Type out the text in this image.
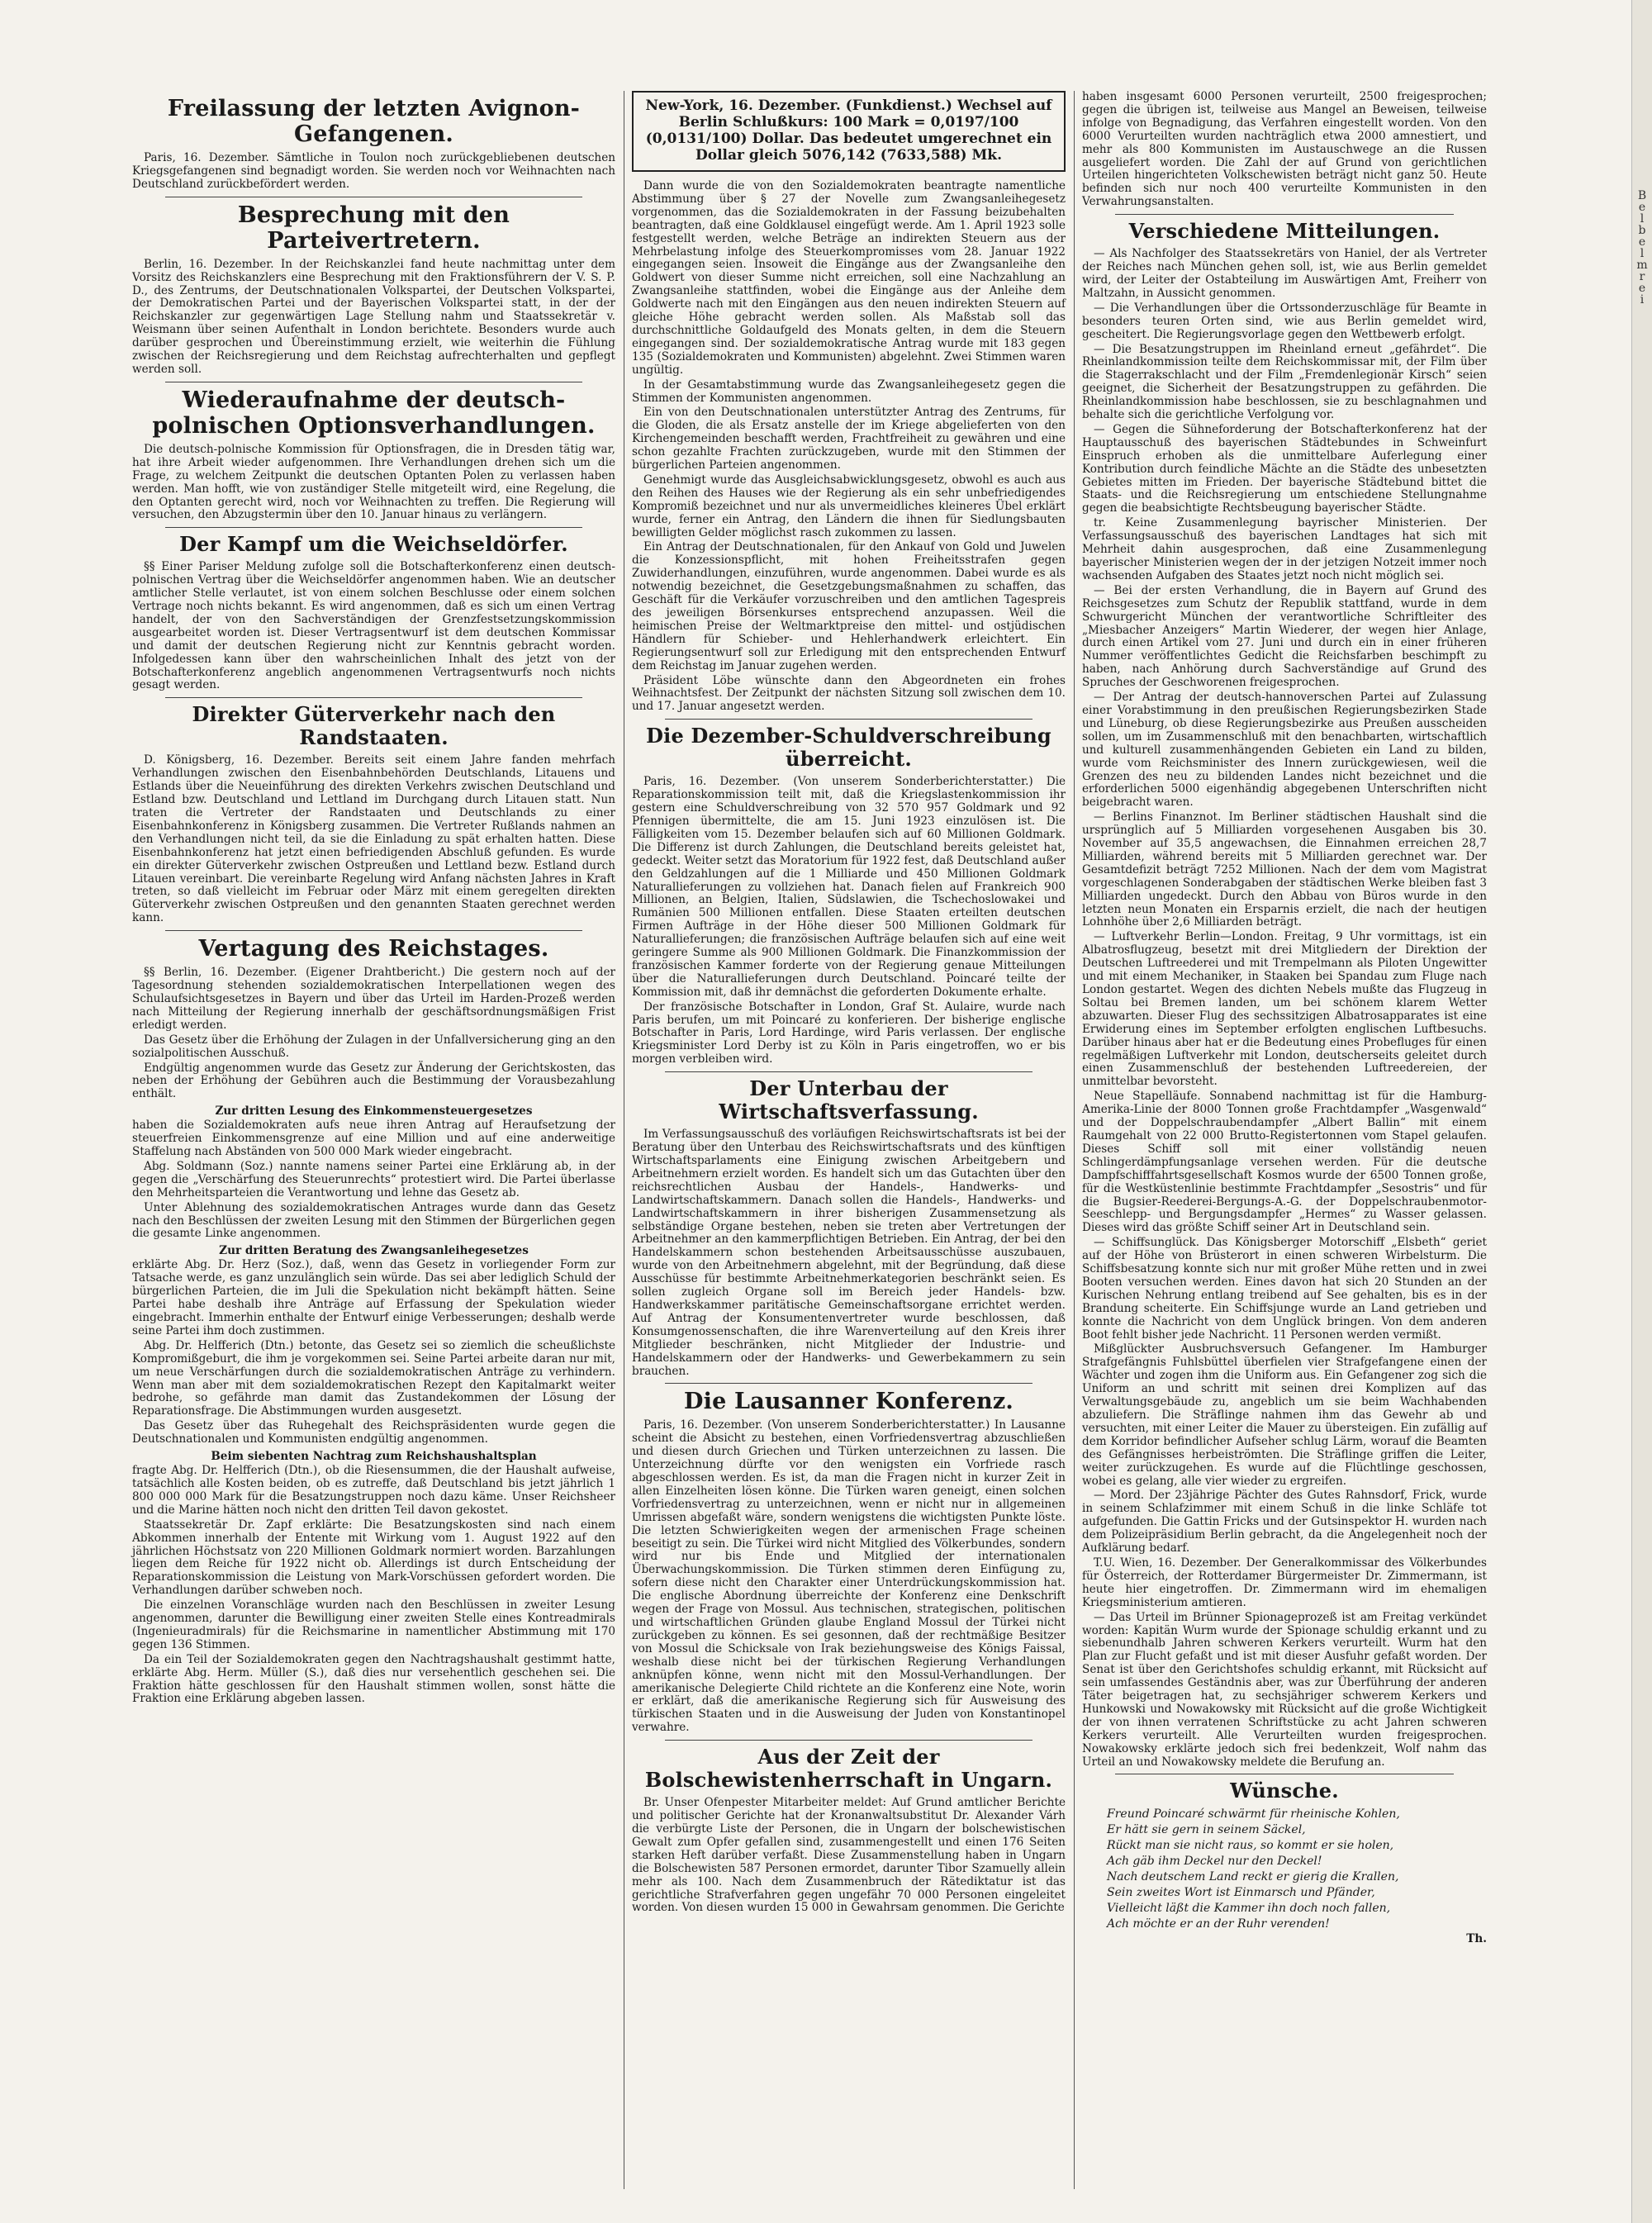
B
e
l
b
e
l
m
r
e
i
Freilassung der letzten Avignon-Gefangenen.

Paris, 16. Dezember. Sämtliche in Toulon noch zurückgebliebenen deutschen Kriegsgefangenen sind begnadigt worden. Sie werden noch vor Weihnachten nach Deutschland zurückbefördert werden.

Besprechung mit den Parteivertretern.

Berlin, 16. Dezember. In der Reichskanzlei fand heute nachmittag unter dem Vorsitz des Reichskanzlers eine Besprechung mit den Fraktionsführern der V. S. P. D., des Zentrums, der Deutschnationalen Volkspartei, der Deutschen Volkspartei, der Demokratischen Partei und der Bayerischen Volkspartei statt, in der der Reichskanzler zur gegenwärtigen Lage Stellung nahm und Staatssekretär v. Weismann über seinen Aufenthalt in London berichtete. Besonders wurde auch darüber gesprochen und Übereinstimmung erzielt, wie weiterhin die Fühlung zwischen der Reichsregierung und dem Reichstag aufrechterhalten und gepflegt werden soll.

Wiederaufnahme der deutsch-polnischen Optionsverhandlungen.

Die deutsch-polnische Kommission für Optionsfragen, die in Dresden tätig war, hat ihre Arbeit wieder aufgenommen. Ihre Verhandlungen drehen sich um die Frage, zu welchem Zeitpunkt die deutschen Optanten Polen zu verlassen haben werden. Man hofft, wie von zuständiger Stelle mitgeteilt wird, eine Regelung, die den Optanten gerecht wird, noch vor Weihnachten zu treffen. Die Regierung will versuchen, den Abzugstermin über den 10. Januar hinaus zu verlängern.

Der Kampf um die Weichseldörfer.

§§ Einer Pariser Meldung zufolge soll die Botschafterkonferenz einen deutsch-polnischen Vertrag über die Weichseldörfer angenommen haben. Wie an deutscher amtlicher Stelle verlautet, ist von einem solchen Beschlusse oder einem solchen Vertrage noch nichts bekannt. Es wird angenommen, daß es sich um einen Vertrag handelt, der von den Sachverständigen der Grenzfestsetzungskommission ausgearbeitet worden ist. Dieser Vertragsentwurf ist dem deutschen Kommissar und damit der deutschen Regierung nicht zur Kenntnis gebracht worden. Infolgedessen kann über den wahrscheinlichen Inhalt des jetzt von der Botschafterkonferenz angeblich angenommenen Vertragsentwurfs noch nichts gesagt werden.

Direkter Güterverkehr nach den Randstaaten.

D. Königsberg, 16. Dezember. Bereits seit einem Jahre fanden mehrfach Verhandlungen zwischen den Eisenbahnbehörden Deutschlands, Litauens und Estlands über die Neueinführung des direkten Verkehrs zwischen Deutschland und Estland bzw. Deutschland und Lettland im Durchgang durch Litauen statt. Nun traten die Vertreter der Randstaaten und Deutschlands zu einer Eisenbahnkonferenz in Königsberg zusammen. Die Vertreter Rußlands nahmen an den Verhandlungen nicht teil, da sie die Einladung zu spät erhalten hatten. Diese Eisenbahnkonferenz hat jetzt einen befriedigenden Abschluß gefunden. Es wurde ein direkter Güterverkehr zwischen Ostpreußen und Lettland bezw. Estland durch Litauen vereinbart. Die vereinbarte Regelung wird Anfang nächsten Jahres in Kraft treten, so daß vielleicht im Februar oder März mit einem geregelten direkten Güterverkehr zwischen Ostpreußen und den genannten Staaten gerechnet werden kann.

Vertagung des Reichstages.

§§ Berlin, 16. Dezember. (Eigener Drahtbericht.) Die gestern noch auf der Tagesordnung stehenden sozialdemokratischen Interpellationen wegen des Schulaufsichtsgesetzes in Bayern und über das Urteil im Harden-Prozeß werden nach Mitteilung der Regierung innerhalb der geschäftsordnungsmäßigen Frist erledigt werden.

Das Gesetz über die Erhöhung der Zulagen in der Unfallversicherung ging an den sozialpolitischen Ausschuß.

Endgültig angenommen wurde das Gesetz zur Änderung der Gerichtskosten, das neben der Erhöhung der Gebühren auch die Bestimmung der Vorausbezahlung enthält.

Zur dritten Lesung des Einkommensteuergesetzes

haben die Sozialdemokraten aufs neue ihren Antrag auf Heraufsetzung der steuerfreien Einkommensgrenze auf eine Million und auf eine anderweitige Staffelung nach Abständen von 500 000 Mark wieder eingebracht.

Abg. Soldmann (Soz.) nannte namens seiner Partei eine Erklärung ab, in der gegen die „Verschärfung des Steuerunrechts“ protestiert wird. Die Partei überlasse den Mehrheitsparteien die Verantwortung und lehne das Gesetz ab.

Unter Ablehnung des sozialdemokratischen Antrages wurde dann das Gesetz nach den Beschlüssen der zweiten Lesung mit den Stimmen der Bürgerlichen gegen die gesamte Linke angenommen.

Zur dritten Beratung des Zwangsanleihegesetzes

erklärte Abg. Dr. Herz (Soz.), daß, wenn das Gesetz in vorliegender Form zur Tatsache werde, es ganz unzulänglich sein würde. Das sei aber lediglich Schuld der bürgerlichen Parteien, die im Juli die Spekulation nicht bekämpft hätten. Seine Partei habe deshalb ihre Anträge auf Erfassung der Spekulation wieder eingebracht. Immerhin enthalte der Entwurf einige Verbesserungen; deshalb werde seine Partei ihm doch zustimmen.

Abg. Dr. Helfferich (Dtn.) betonte, das Gesetz sei so ziemlich die scheußlichste Kompromißgeburt, die ihm je vorgekommen sei. Seine Partei arbeite daran nur mit, um neue Verschärfungen durch die sozialdemokratischen Anträge zu verhindern. Wenn man aber mit dem sozialdemokratischen Rezept den Kapitalmarkt weiter bedrohe, so gefährde man damit das Zustandekommen der Lösung der Reparationsfrage. Die Abstimmungen wurden ausgesetzt.

Das Gesetz über das Ruhegehalt des Reichspräsidenten wurde gegen die Deutschnationalen und Kommunisten endgültig angenommen.

Beim siebenten Nachtrag zum Reichshaushaltsplan

fragte Abg. Dr. Helfferich (Dtn.), ob die Riesensummen, die der Haushalt aufweise, tatsächlich alle Kosten beiden, ob es zutreffe, daß Deutschland bis jetzt jährlich 1 800 000 000 Mark für die Besatzungstruppen noch dazu käme. Unser Reichsheer und die Marine hätten noch nicht den dritten Teil davon gekostet.

Staatssekretär Dr. Zapf erklärte: Die Besatzungskosten sind nach einem Abkommen innerhalb der Entente mit Wirkung vom 1. August 1922 auf den jährlichen Höchstsatz von 220 Millionen Goldmark normiert worden. Barzahlungen liegen dem Reiche für 1922 nicht ob. Allerdings ist durch Entscheidung der Reparationskommission die Leistung von Mark-Vorschüssen gefordert worden. Die Verhandlungen darüber schweben noch.

Die einzelnen Voranschläge wurden nach den Beschlüssen in zweiter Lesung angenommen, darunter die Bewilligung einer zweiten Stelle eines Kontreadmirals (Ingenieuradmirals) für die Reichsmarine in namentlicher Abstimmung mit 170 gegen 136 Stimmen.

Da ein Teil der Sozialdemokraten gegen den Nachtragshaushalt gestimmt hatte, erklärte Abg. Herm. Müller (S.), daß dies nur versehentlich geschehen sei. Die Fraktion hätte geschlossen für den Haushalt stimmen wollen, sonst hätte die Fraktion eine Erklärung abgeben lassen.

New-York, 16. Dezember. (Funkdienst.) Wechsel auf Berlin Schlußkurs: 100 Mark = 0,0197/100 (0,0131/100) Dollar. Das bedeutet umgerechnet ein Dollar gleich 5076,142 (7633,588) Mk.

Dann wurde die von den Sozialdemokraten beantragte namentliche Abstimmung über § 27 der Novelle zum Zwangsanleihegesetz vorgenommen, das die Sozialdemokraten in der Fassung beizubehalten beantragten, daß eine Goldklausel eingefügt werde. Am 1. April 1923 solle festgestellt werden, welche Beträge an indirekten Steuern aus der Mehrbelastung infolge des Steuerkompromisses vom 28. Januar 1922 eingegangen seien. Insoweit die Eingänge aus der Zwangsanleihe den Goldwert von dieser Summe nicht erreichen, soll eine Nachzahlung an Zwangsanleihe stattfinden, wobei die Eingänge aus der Anleihe dem Goldwerte nach mit den Eingängen aus den neuen indirekten Steuern auf gleiche Höhe gebracht werden sollen. Als Maßstab soll das durchschnittliche Goldaufgeld des Monats gelten, in dem die Steuern eingegangen sind. Der sozialdemokratische Antrag wurde mit 183 gegen 135 (Sozialdemokraten und Kommunisten) abgelehnt. Zwei Stimmen waren ungültig.

In der Gesamtabstimmung wurde das Zwangsanleihegesetz gegen die Stimmen der Kommunisten angenommen.

Ein von den Deutschnationalen unterstützter Antrag des Zentrums, für die Gloden, die als Ersatz anstelle der im Kriege abgelieferten von den Kirchengemeinden beschafft werden, Frachtfreiheit zu gewähren und eine schon gezahlte Frachten zurückzugeben, wurde mit den Stimmen der bürgerlichen Parteien angenommen.

Genehmigt wurde das Ausgleichsabwicklungsgesetz, obwohl es auch aus den Reihen des Hauses wie der Regierung als ein sehr unbefriedigendes Kompromiß bezeichnet und nur als unvermeidliches kleineres Übel erklärt wurde, ferner ein Antrag, den Ländern die ihnen für Siedlungsbauten bewilligten Gelder möglichst rasch zukommen zu lassen.

Ein Antrag der Deutschnationalen, für den Ankauf von Gold und Juwelen die Konzessionspflicht, mit hohen Freiheitsstrafen gegen Zuwiderhandlungen, einzuführen, wurde angenommen. Dabei wurde es als notwendig bezeichnet, die Gesetzgebungsmaßnahmen zu schaffen, das Geschäft für die Verkäufer vorzuschreiben und den amtlichen Tagespreis des jeweiligen Börsenkurses entsprechend anzupassen. Weil die heimischen Preise der Weltmarktpreise den mittel- und ostjüdischen Händlern für Schieber- und Hehlerhandwerk erleichtert. Ein Regierungsentwurf soll zur Erledigung mit den entsprechenden Entwurf dem Reichstag im Januar zugehen werden.

Präsident Löbe wünschte dann den Abgeordneten ein frohes Weihnachtsfest. Der Zeitpunkt der nächsten Sitzung soll zwischen dem 10. und 17. Januar angesetzt werden.

Die Dezember-Schuldverschreibung überreicht.

Paris, 16. Dezember. (Von unserem Sonderberichterstatter.) Die Reparationskommission teilt mit, daß die Kriegslastenkommission ihr gestern eine Schuldverschreibung von 32 570 957 Goldmark und 92 Pfennigen übermittelte, die am 15. Juni 1923 einzulösen ist. Die Fälligkeiten vom 15. Dezember belaufen sich auf 60 Millionen Goldmark. Die Differenz ist durch Zahlungen, die Deutschland bereits geleistet hat, gedeckt. Weiter setzt das Moratorium für 1922 fest, daß Deutschland außer den Geldzahlungen auf die 1 Milliarde und 450 Millionen Goldmark Naturallieferungen zu vollziehen hat. Danach fielen auf Frankreich 900 Millionen, an Belgien, Italien, Südslawien, die Tschechoslowakei und Rumänien 500 Millionen entfallen. Diese Staaten erteilten deutschen Firmen Aufträge in der Höhe dieser 500 Millionen Goldmark für Naturallieferungen; die französischen Aufträge belaufen sich auf eine weit geringere Summe als 900 Millionen Goldmark. Die Finanzkommission der französischen Kammer forderte von der Regierung genaue Mitteilungen über die Naturallieferungen durch Deutschland. Poincaré teilte der Kommission mit, daß ihr demnächst die geforderten Dokumente erhalte.

Der französische Botschafter in London, Graf St. Aulaire, wurde nach Paris berufen, um mit Poincaré zu konferieren. Der bisherige englische Botschafter in Paris, Lord Hardinge, wird Paris verlassen. Der englische Kriegsminister Lord Derby ist zu Köln in Paris eingetroffen, wo er bis morgen verbleiben wird.

Der Unterbau der Wirtschaftsverfassung.

Im Verfassungsausschuß des vorläufigen Reichswirtschaftsrats ist bei der Beratung über den Unterbau des Reichswirtschaftsrats und des künftigen Wirtschaftsparlaments eine Einigung zwischen Arbeitgebern und Arbeitnehmern erzielt worden. Es handelt sich um das Gutachten über den reichsrechtlichen Ausbau der Handels-, Handwerks- und Landwirtschaftskammern. Danach sollen die Handels-, Handwerks- und Landwirtschaftskammern in ihrer bisherigen Zusammensetzung als selbständige Organe bestehen, neben sie treten aber Vertretungen der Arbeitnehmer an den kammerpflichtigen Betrieben. Ein Antrag, der bei den Handelskammern schon bestehenden Arbeitsausschüsse auszubauen, wurde von den Arbeitnehmern abgelehnt, mit der Begründung, daß diese Ausschüsse für bestimmte Arbeitnehmerkategorien beschränkt seien. Es sollen zugleich Organe soll im Bereich jeder Handels- bzw. Handwerkskammer paritätische Gemeinschaftsorgane errichtet werden. Auf Antrag der Konsumentenvertreter wurde beschlossen, daß Konsumgenossenschaften, die ihre Warenverteilung auf den Kreis ihrer Mitglieder beschränken, nicht Mitglieder der Industrie- und Handelskammern oder der Handwerks- und Gewerbekammern zu sein brauchen.

Die Lausanner Konferenz.

Paris, 16. Dezember. (Von unserem Sonderberichterstatter.) In Lausanne scheint die Absicht zu bestehen, einen Vorfriedensvertrag abzuschließen und diesen durch Griechen und Türken unterzeichnen zu lassen. Die Unterzeichnung dürfte vor den wenigsten ein Vorfriede rasch abgeschlossen werden. Es ist, da man die Fragen nicht in kurzer Zeit in allen Einzelheiten lösen könne. Die Türken waren geneigt, einen solchen Vorfriedensvertrag zu unterzeichnen, wenn er nicht nur in allgemeinen Umrissen abgefaßt wäre, sondern wenigstens die wichtigsten Punkte löste. Die letzten Schwierigkeiten wegen der armenischen Frage scheinen beseitigt zu sein. Die Türkei wird nicht Mitglied des Völkerbundes, sondern wird nur bis Ende und Mitglied der internationalen Überwachungskommission. Die Türken stimmen deren Einfügung zu, sofern diese nicht den Charakter einer Unterdrückungskommission hat. Die englische Abordnung überreichte der Konferenz eine Denkschrift wegen der Frage von Mossul. Aus technischen, strategischen, politischen und wirtschaftlichen Gründen glaube England Mossul der Türkei nicht zurückgeben zu können. Es sei gesonnen, daß der rechtmäßige Besitzer von Mossul die Schicksale von Irak beziehungsweise des Königs Faissal, weshalb diese nicht bei der türkischen Regierung Verhandlungen anknüpfen könne, wenn nicht mit den Mossul-Verhandlungen. Der amerikanische Delegierte Child richtete an die Konferenz eine Note, worin er erklärt, daß die amerikanische Regierung sich für Ausweisung des türkischen Staaten und in die Ausweisung der Juden von Konstantinopel verwahre.

Aus der Zeit der Bolschewistenherrschaft in Ungarn.

Br. Unser Ofenpester Mitarbeiter meldet: Auf Grund amtlicher Berichte und politischer Gerichte hat der Kronanwaltsubstitut Dr. Alexander Várh die verbürgte Liste der Personen, die in Ungarn der bolschewistischen Gewalt zum Opfer gefallen sind, zusammengestellt und einen 176 Seiten starken Heft darüber verfaßt. Diese Zusammenstellung haben in Ungarn die Bolschewisten 587 Personen ermordet, darunter Tibor Szamuelly allein mehr als 100. Nach dem Zusammenbruch der Rätediktatur ist das gerichtliche Strafverfahren gegen ungefähr 70 000 Personen eingeleitet worden. Von diesen wurden 15 000 in Gewahrsam genommen. Die Gerichte

haben insgesamt 6000 Personen verurteilt, 2500 freigesprochen; gegen die übrigen ist, teilweise aus Mangel an Beweisen, teilweise infolge von Begnadigung, das Verfahren eingestellt worden. Von den 6000 Verurteilten wurden nachträglich etwa 2000 amnestiert, und mehr als 800 Kommunisten im Austauschwege an die Russen ausgeliefert worden. Die Zahl der auf Grund von gerichtlichen Urteilen hingerichteten Volkschewisten beträgt nicht ganz 50. Heute befinden sich nur noch 400 verurteilte Kommunisten in den Verwahrungsanstalten.

Verschiedene Mitteilungen.

— Als Nachfolger des Staatssekretärs von Haniel, der als Vertreter der Reiches nach München gehen soll, ist, wie aus Berlin gemeldet wird, der Leiter der Ostabteilung im Auswärtigen Amt, Freiherr von Maltzahn, in Aussicht genommen.

— Die Verhandlungen über die Ortssonderzuschläge für Beamte in besonders teuren Orten sind, wie aus Berlin gemeldet wird, gescheitert. Die Regierungsvorlage gegen den Wettbewerb erfolgt.

— Die Besatzungstruppen im Rheinland erneut „gefährdet“. Die Rheinlandkommission teilte dem Reichskommissar mit, der Film über die Stagerrakschlacht und der Film „Fremdenlegionär Kirsch“ seien geeignet, die Sicherheit der Besatzungstruppen zu gefährden. Die Rheinlandkommission habe beschlossen, sie zu beschlagnahmen und behalte sich die gerichtliche Verfolgung vor.

— Gegen die Sühneforderung der Botschafterkonferenz hat der Hauptausschuß des bayerischen Städtebundes in Schweinfurt Einspruch erhoben als die unmittelbare Auferlegung einer Kontribution durch feindliche Mächte an die Städte des unbesetzten Gebietes mitten im Frieden. Der bayerische Städtebund bittet die Staats- und die Reichsregierung um entschiedene Stellungnahme gegen die beabsichtigte Rechtsbeugung bayerischer Städte.

tr. Keine Zusammenlegung bayrischer Ministerien. Der Verfassungsausschuß des bayerischen Landtages hat sich mit Mehrheit dahin ausgesprochen, daß eine Zusammenlegung bayerischer Ministerien wegen der in der jetzigen Notzeit immer noch wachsenden Aufgaben des Staates jetzt noch nicht möglich sei.

— Bei der ersten Verhandlung, die in Bayern auf Grund des Reichsgesetzes zum Schutz der Republik stattfand, wurde in dem Schwurgericht München der verantwortliche Schriftleiter des „Miesbacher Anzeigers“ Martin Wiederer, der wegen hier Anlage, durch einen Artikel vom 27. Juni und durch ein in einer früheren Nummer veröffentlichtes Gedicht die Reichsfarben beschimpft zu haben, nach Anhörung durch Sachverständige auf Grund des Spruches der Geschworenen freigesprochen.

— Der Antrag der deutsch-hannoverschen Partei auf Zulassung einer Vorabstimmung in den preußischen Regierungsbezirken Stade und Lüneburg, ob diese Regierungsbezirke aus Preußen ausscheiden sollen, um im Zusammenschluß mit den benachbarten, wirtschaftlich und kulturell zusammenhängenden Gebieten ein Land zu bilden, wurde vom Reichsminister des Innern zurückgewiesen, weil die Grenzen des neu zu bildenden Landes nicht bezeichnet und die erforderlichen 5000 eigenhändig abgegebenen Unterschriften nicht beigebracht waren.

— Berlins Finanznot. Im Berliner städtischen Haushalt sind die ursprünglich auf 5 Milliarden vorgesehenen Ausgaben bis 30. November auf 35,5 angewachsen, die Einnahmen erreichen 28,7 Milliarden, während bereits mit 5 Milliarden gerechnet war. Der Gesamtdefizit beträgt 7252 Millionen. Nach der dem vom Magistrat vorgeschlagenen Sonderabgaben der städtischen Werke bleiben fast 3 Milliarden ungedeckt. Durch den Abbau von Büros wurde in den letzten neun Monaten ein Ersparnis erzielt, die nach der heutigen Lohnhöhe über 2,6 Milliarden beträgt.

— Luftverkehr Berlin—London. Freitag, 9 Uhr vormittags, ist ein Albatrosflugzeug, besetzt mit drei Mitgliedern der Direktion der Deutschen Luftreederei und mit Trempelmann als Piloten Ungewitter und mit einem Mechaniker, in Staaken bei Spandau zum Fluge nach London gestartet. Wegen des dichten Nebels mußte das Flugzeug in Soltau bei Bremen landen, um bei schönem klarem Wetter abzuwarten. Dieser Flug des sechssitzigen Albatrosapparates ist eine Erwiderung eines im September erfolgten englischen Luftbesuchs. Darüber hinaus aber hat er die Bedeutung eines Probefluges für einen regelmäßigen Luftverkehr mit London, deutscherseits geleitet durch einen Zusammenschluß der bestehenden Luftreedereien, der unmittelbar bevorsteht.

Neue Stapelläufe. Sonnabend nachmittag ist für die Hamburg-Amerika-Linie der 8000 Tonnen große Frachtdampfer „Wasgenwald“ und der Doppelschraubendampfer „Albert Ballin“ mit einem Raumgehalt von 22 000 Brutto-Registertonnen vom Stapel gelaufen. Dieses Schiff soll mit einer vollständig neuen Schlingerdämpfungsanlage versehen werden. Für die deutsche Dampfschifffahrtsgesellschaft Kosmos wurde der 6500 Tonnen große, für die Westküstenlinie bestimmte Frachtdampfer „Sesostris“ und für die Bugsier-Reederei-Bergungs-A.-G. der Doppelschraubenmotor-Seeschlepp- und Bergungsdampfer „Hermes“ zu Wasser gelassen. Dieses wird das größte Schiff seiner Art in Deutschland sein.

— Schiffsunglück. Das Königsberger Motorschiff „Elsbeth“ geriet auf der Höhe von Brüsterort in einen schweren Wirbelsturm. Die Schiffsbesatzung konnte sich nur mit großer Mühe retten und in zwei Booten versuchen werden. Eines davon hat sich 20 Stunden an der Kurischen Nehrung entlang treibend auf See gehalten, bis es in der Brandung scheiterte. Ein Schiffsjunge wurde an Land getrieben und konnte die Nachricht von dem Unglück bringen. Von dem anderen Boot fehlt bisher jede Nachricht. 11 Personen werden vermißt.

Mißglückter Ausbruchsversuch Gefangener. Im Hamburger Strafgefängnis Fuhlsbüttel überfielen vier Strafgefangene einen der Wächter und zogen ihm die Uniform aus. Ein Gefangener zog sich die Uniform an und schritt mit seinen drei Komplizen auf das Verwaltungsgebäude zu, angeblich um sie beim Wachhabenden abzuliefern. Die Sträflinge nahmen ihm das Gewehr ab und versuchten, mit einer Leiter die Mauer zu übersteigen. Ein zufällig auf dem Korridor befindlicher Aufseher schlug Lärm, worauf die Beamten des Gefängnisses herbeiströmten. Die Sträflinge griffen die Leiter, weiter zurückzugehen. Es wurde auf die Flüchtlinge geschossen, wobei es gelang, alle vier wieder zu ergreifen.

— Mord. Der 23jährige Pächter des Gutes Rahnsdorf, Frick, wurde in seinem Schlafzimmer mit einem Schuß in die linke Schläfe tot aufgefunden. Die Gattin Fricks und der Gutsinspektor H. wurden nach dem Polizeipräsidium Berlin gebracht, da die Angelegenheit noch der Aufklärung bedarf.

T.U. Wien, 16. Dezember. Der Generalkommissar des Völkerbundes für Österreich, der Rotterdamer Bürgermeister Dr. Zimmermann, ist heute hier eingetroffen. Dr. Zimmermann wird im ehemaligen Kriegsministerium amtieren.

— Das Urteil im Brünner Spionageprozeß ist am Freitag verkündet worden: Kapitän Wurm wurde der Spionage schuldig erkannt und zu siebenundhalb Jahren schweren Kerkers verurteilt. Wurm hat den Plan zur Flucht gefaßt und ist mit dieser Ausfuhr gefaßt worden. Der Senat ist über den Gerichtshofes schuldig erkannt, mit Rücksicht auf sein umfassendes Geständnis aber, was zur Überführung der anderen Täter beigetragen hat, zu sechsjähriger schwerem Kerkers und Hunkowski und Nowakowsky mit Rücksicht auf die große Wichtigkeit der von ihnen verratenen Schriftstücke zu acht Jahren schweren Kerkers verurteilt. Alle Verurteilten wurden freigesprochen. Nowakowsky erklärte jedoch sich frei bedenkzeit, Wolf nahm das Urteil an und Nowakowsky meldete die Berufung an.

Wünsche.

Freund Poincaré schwärmt für rheinische Kohlen,

Er hätt sie gern in seinem Säckel,

Rückt man sie nicht raus, so kommt er sie holen,

Ach gäb ihm Deckel nur den Deckel!

Nach deutschem Land reckt er gierig die Krallen,

Sein zweites Wort ist Einmarsch und Pfänder,

Vielleicht läßt die Kammer ihn doch noch fallen,

Ach möchte er an der Ruhr verenden!

Th.
